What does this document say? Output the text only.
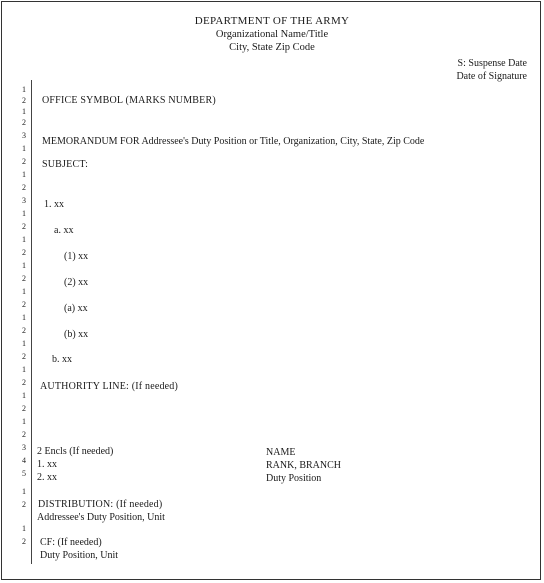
DEPARTMENT OF THE ARMY
Organizational Name/Title
City, State Zip Code
S: Suspense Date
Date of Signature
1
2
1
2
3
1
2
1
2
3
1
2
1
2
1
2
1
2
1
2
1
2
1
2
1
2
1
2
3
4
5
1
2
1
2
OFFICE SYMBOL (MARKS NUMBER)
MEMORANDUM FOR Addressee's Duty Position or Title, Organization, City, State, Zip Code
SUBJECT:
1. xx
a. xx
(1) xx
(2) xx
(a) xx
(b) xx
b. xx
AUTHORITY LINE: (If needed)
2 Encls (If needed)
1. xx
2. xx
NAME
RANK, BRANCH
Duty Position
DISTRIBUTION: (If needed)
Addressee's Duty Position, Unit
CF: (If needed)
Duty Position, Unit
